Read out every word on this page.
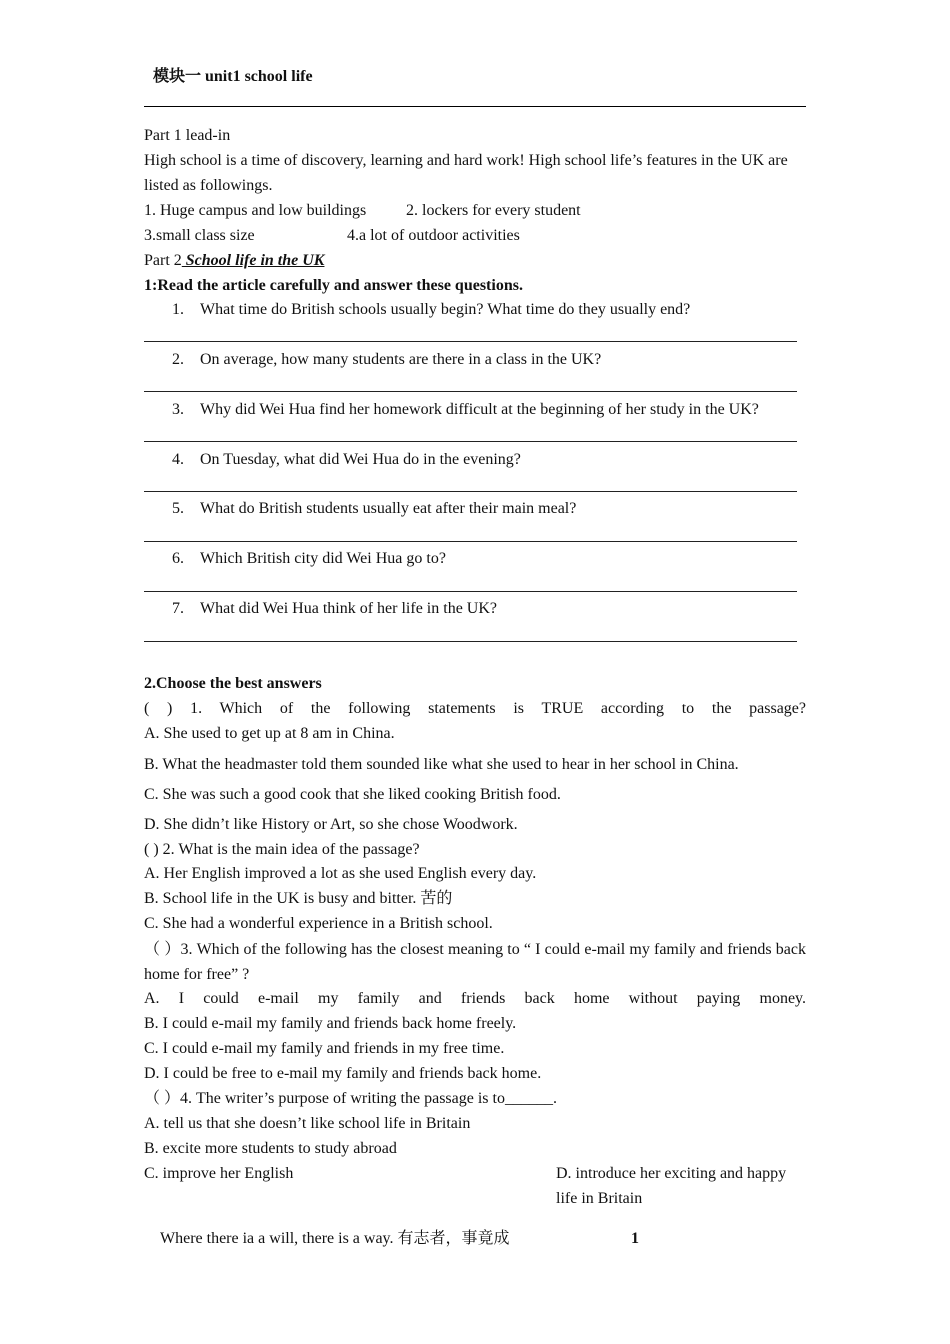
模块一 unit1 school life
Part 1 lead-in
High school is a time of discovery, learning and hard work! High school life’s features in the UK are listed as followings.
1. Huge campus and low buildings 2. lockers for every student
3.small class size	4.a lot of outdoor activities
Part 2 School life in the UK
1:Read the article carefully and answer these questions.
1. What time do British schools usually begin? What time do they usually end?
2. On average, how many students are there in a class in the UK?
3. Why did Wei Hua find her homework difficult at the beginning of her study in the UK?
4. On Tuesday, what did Wei Hua do in the evening?
5. What do British students usually eat after their main meal?
6. Which British city did Wei Hua go to?
7. What did Wei Hua think of her life in the UK?
2.Choose the best answers
( ) 1. Which of the following statements is TRUE according to the passage?
A. She used to get up at 8 am in China.
B. What the headmaster told them sounded like what she used to hear in her school in China.
C. She was such a good cook that she liked cooking British food.
D. She didn’t like History or Art, so she chose Woodwork.
( ) 2. What is the main idea of the passage?
A. Her English improved a lot as she used English every day.
B. School life in the UK is busy and bitter. 苦的
C. She had a wonderful experience in a British school.
（ ）3. Which of the following has the closest meaning to “ I could e-mail my family and friends back home for free” ?
A. I could e-mail my family and friends back home without paying money.
B. I could e-mail my family and friends back home freely.
C. I could e-mail my family and friends in my free time.
D. I could be free to e-mail my family and friends back home.
（ ）4. The writer’s purpose of writing the passage is to______.
A. tell us that she doesn’t like school life in Britain
B. excite more students to study abroad
C. improve her English	D. introduce her exciting and happy life in Britain
Where there ia a will, there is a way. 有志者，事竟成	1
